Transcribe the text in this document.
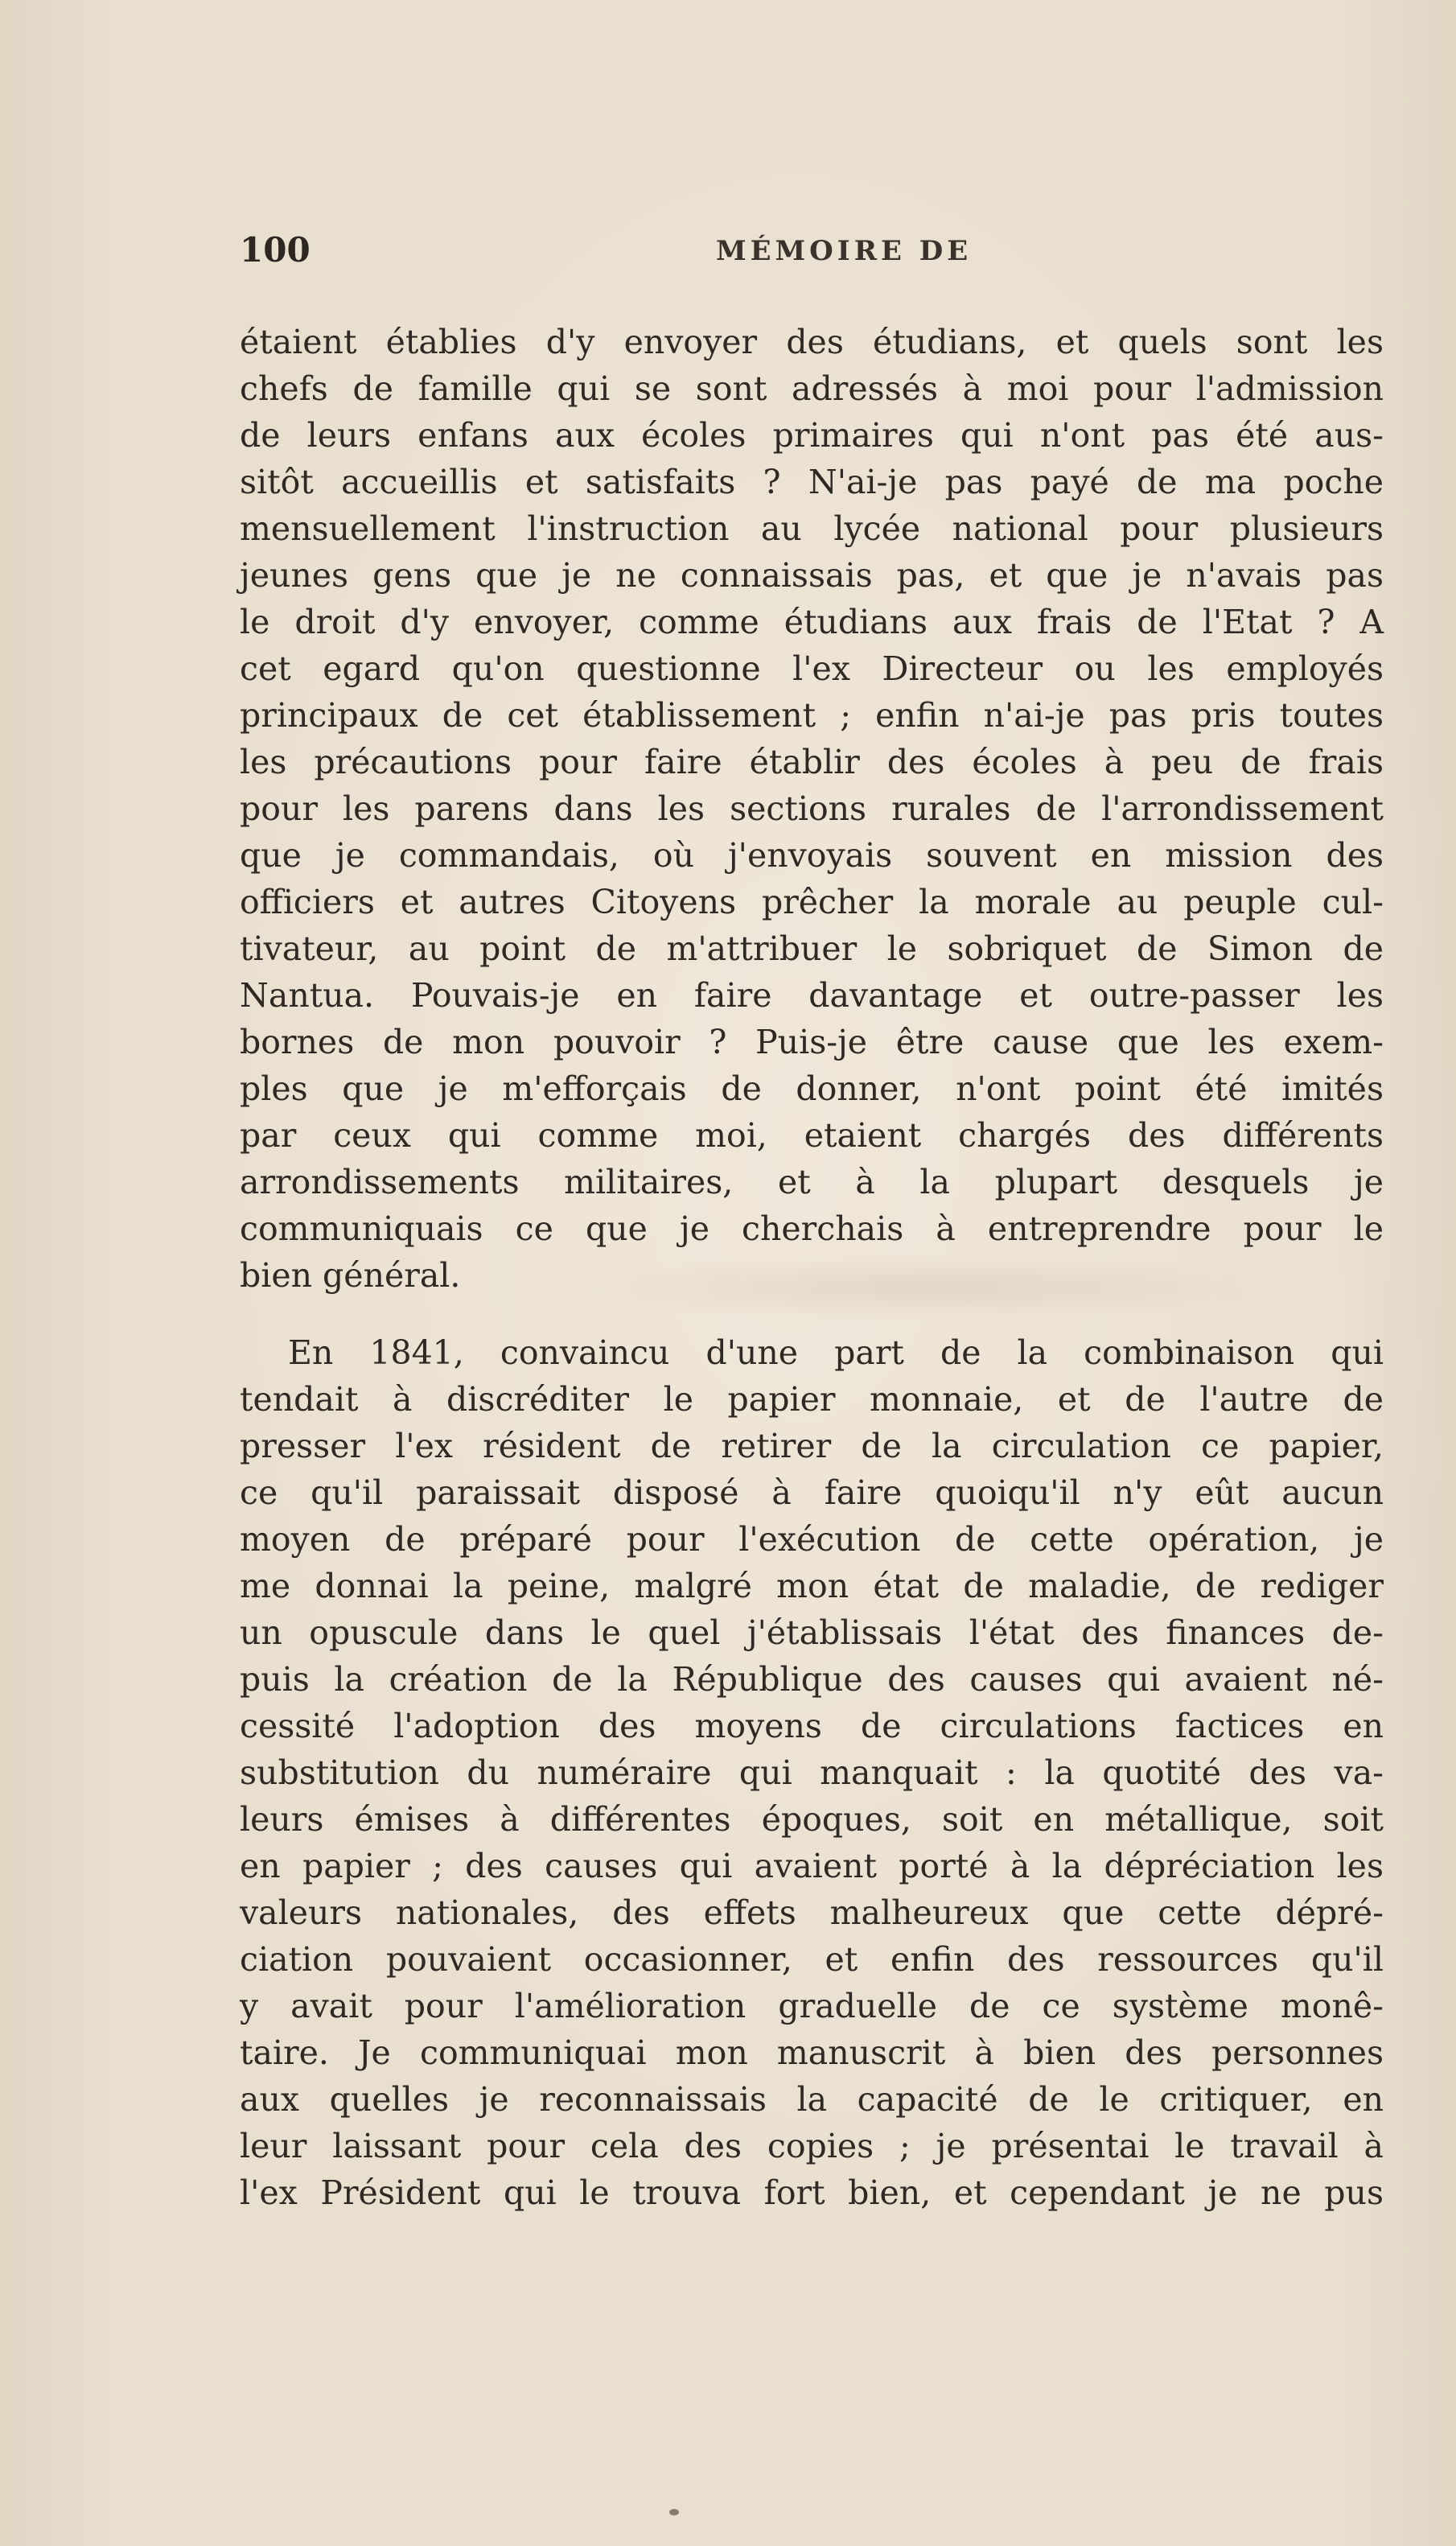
100	MÉMOIRE DE
étaient établies d'y envoyer des étudians, et quels sont les
chefs de famille qui se sont adressés à moi pour l'admission
de leurs enfans aux écoles primaires qui n'ont pas été aus-
sitôt accueillis et satisfaits ? N'ai-je pas payé de ma poche
mensuellement l'instruction au lycée national pour plusieurs
jeunes gens que je ne connaissais pas, et que je n'avais pas
le droit d'y envoyer, comme étudians aux frais de l'Etat ? A
cet egard qu'on questionne l'ex Directeur ou les employés
principaux de cet établissement ; enfin n'ai-je pas pris toutes
les précautions pour faire établir des écoles à peu de frais
pour les parens dans les sections rurales de l'arrondissement
que je commandais, où j'envoyais souvent en mission des
officiers et autres Citoyens prêcher la morale au peuple cul-
tivateur, au point de m'attribuer le sobriquet de Simon de
Nantua. Pouvais-je en faire davantage et outre-passer les
bornes de mon pouvoir ? Puis-je être cause que les exem-
ples que je m'efforçais de donner, n'ont point été imités
par ceux qui comme moi, etaient chargés des différents
arrondissements militaires, et à la plupart desquels je
communiquais ce que je cherchais à entreprendre pour le
bien général.
En 1841, convaincu d'une part de la combinaison qui
tendait à discréditer le papier monnaie, et de l'autre de
presser l'ex résident de retirer de la circulation ce papier,
ce qu'il paraissait disposé à faire quoiqu'il n'y eût aucun
moyen de préparé pour l'exécution de cette opération, je
me donnai la peine, malgré mon état de maladie, de rediger
un opuscule dans le quel j'établissais l'état des finances de-
puis la création de la République des causes qui avaient né-
cessité l'adoption des moyens de circulations factices en
substitution du numéraire qui manquait : la quotité des va-
leurs émises à différentes époques, soit en métallique, soit
en papier ; des causes qui avaient porté à la dépréciation les
valeurs nationales, des effets malheureux que cette dépré-
ciation pouvaient occasionner, et enfin des ressources qu'il
y avait pour l'amélioration graduelle de ce système monê-
taire. Je communiquai mon manuscrit à bien des personnes
aux quelles je reconnaissais la capacité de le critiquer, en
leur laissant pour cela des copies ; je présentai le travail à
l'ex Président qui le trouva fort bien, et cependant je ne pus
